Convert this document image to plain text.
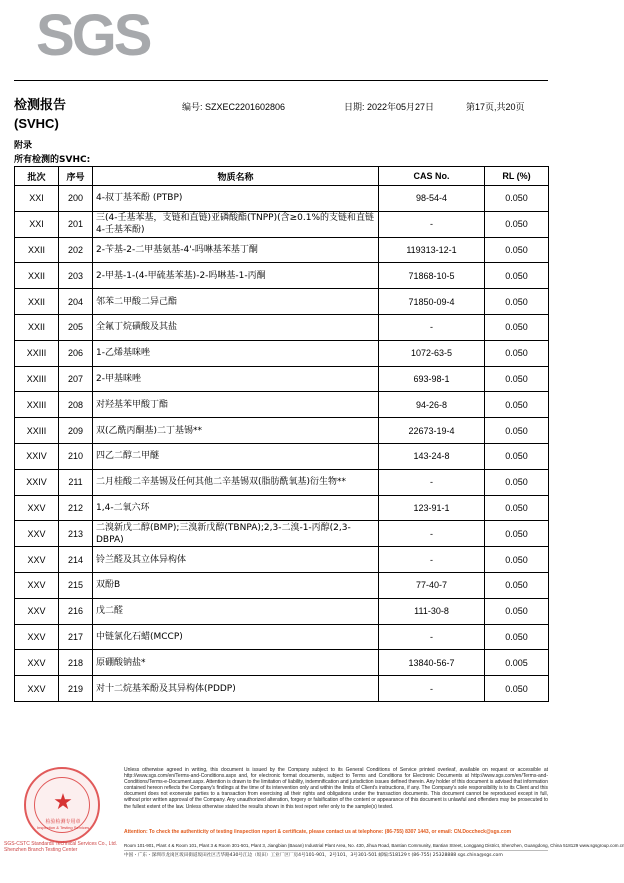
SGS
检测报告
(SVHC)
编号: SZXEC2201602806	日期: 2022年05月27日	第17页,共20页
附录
所有检测的SVHC:
批次	序号	物质名称	CAS No.	RL (%)
XXI	200	4-叔丁基苯酚 (PTBP)	98-54-4	0.050
XXI	201	三(4-壬基苯基，支链和直链)亚磷酸酯(TNPP)(含≥0.1%的支链和直链4-壬基苯酚)	-	0.050
XXII	202	2-苄基-2-二甲基氨基-4'-吗啉基苯基丁酮	119313-12-1	0.050
XXII	203	2-甲基-1-(4-甲硫基苯基)-2-吗啉基-1-丙酮	71868-10-5	0.050
XXII	204	邻苯二甲酸二异己酯	71850-09-4	0.050
XXII	205	全氟丁烷磺酸及其盐	-	0.050
XXIII	206	1-乙烯基咪唑	1072-63-5	0.050
XXIII	207	2-甲基咪唑	693-98-1	0.050
XXIII	208	对羟基苯甲酸丁酯	94-26-8	0.050
XXIII	209	双(乙酰丙酮基)二丁基锡**	22673-19-4	0.050
XXIV	210	四乙二醇二甲醚	143-24-8	0.050
XXIV	211	二月桂酸二辛基锡及任何其他二辛基锡双(脂肪酰氧基)衍生物**	-	0.050
XXV	212	1,4-二氧六环	123-91-1	0.050
XXV	213	二溴新戊二醇(BMP);三溴新戊醇(TBNPA);2,3-二溴-1-丙醇(2,3-DBPA)	-	0.050
XXV	214	铃兰醛及其立体异构体	-	0.050
XXV	215	双酚B	77-40-7	0.050
XXV	216	戊二醛	111-30-8	0.050
XXV	217	中链氯化石蜡(MCCP)	-	0.050
XXV	218	原硼酸钠盐*	13840-56-7	0.005
XXV	219	对十二烷基苯酚及其异构体(PDDP)	-	0.050
★
检验检测专用章
Inspection & Testing Services
SGS-CSTC Standards Technical Services Co., Ltd. Shenzhen Branch Testing Center
Unless otherwise agreed in writing, this document is issued by the Company subject to its General Conditions of Service printed overleaf, available on request or accessible at http://www.sgs.com/en/Terms-and-Conditions.aspx and, for electronic format documents, subject to Terms and Conditions for Electronic Documents at http://www.sgs.com/en/Terms-and-Conditions/Terms-e-Document.aspx. Attention is drawn to the limitation of liability, indemnification and jurisdiction issues defined therein. Any holder of this document is advised that information contained hereon reflects the Company's findings at the time of its intervention only and within the limits of Client's instructions, if any. The Company's sole responsibility is to its Client and this document does not exonerate parties to a transaction from exercising all their rights and obligations under the transaction documents. This document cannot be reproduced except in full, without prior written approval of the Company. Any unauthorized alteration, forgery or falsification of the content or appearance of this document is unlawful and offenders may be prosecuted to the fullest extent of the law. Unless otherwise stated the results shown in this test report refer only to the sample(s) tested.
Attention: To check the authenticity of testing /inspection report & certificate, please contact us at telephone: (86-755) 8307 1443, or email: CN.Doccheck@sgs.com
Room 101-901, Plant 4 & Room 101, Plant 3 & Room 301-501, Plant 3, Jiangbian (Baoan) Industrial Plant Area, No. 430, Jihua Road, Bantian Community, Bantian Street, Longgang District, Shenzhen, Guangdong, China 518129 www.sgsgroup.com.cn
中国・广东・深圳市龙岗区坂田街道坂田社区吉华路430号江边（坂田）工业厂区厂房4号101-901，2号101，3号301-501 邮编:518129 t (86-755) 25328888 sgs.china@sgs.com
